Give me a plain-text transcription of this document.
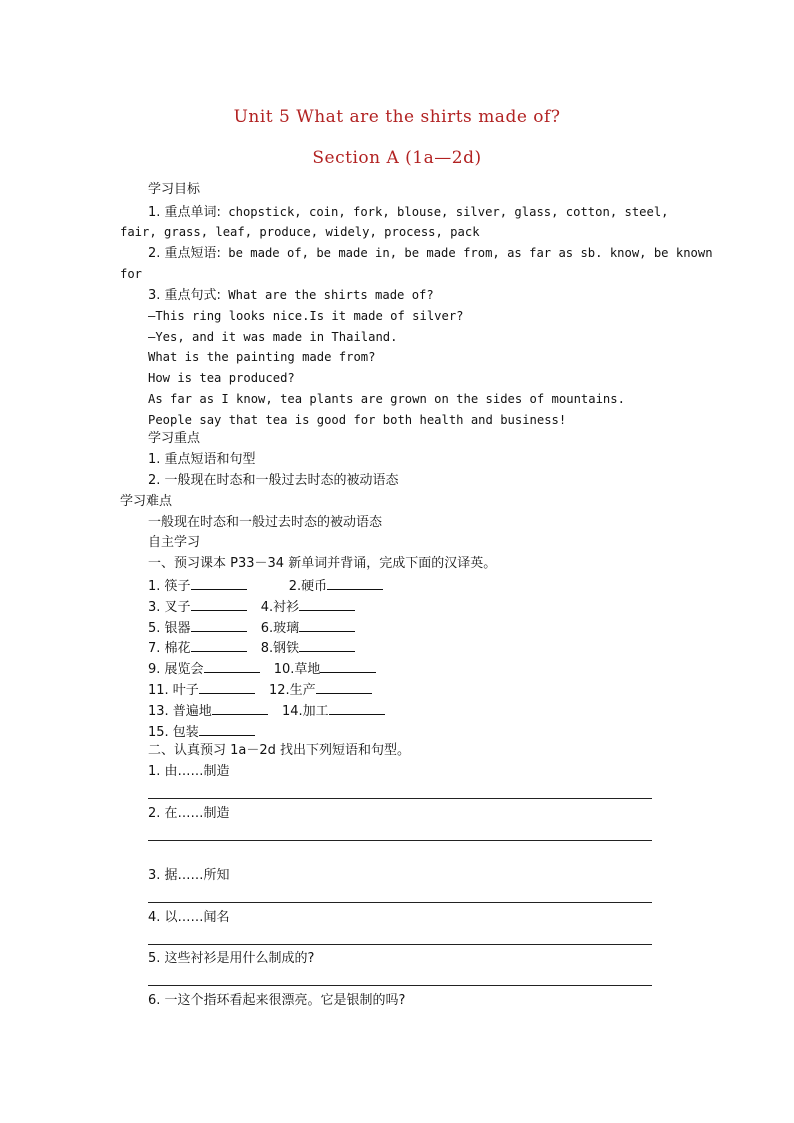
Unit 5 What are the shirts made of?
Section A (1a—2d)
学习目标
1. 重点单词: chopstick, coin, fork, blouse, silver, glass, cotton, steel,
fair, grass, leaf, produce, widely, process, pack
2. 重点短语: be made of, be made in, be made from, as far as sb. know, be known
for
3. 重点句式: What are the shirts made of?
—This ring looks nice.Is it made of silver?
—Yes, and it was made in Thailand.
What is the painting made from?
How is tea produced?
As far as I know, tea plants are grown on the sides of mountains.
People say that tea is good for both health and business!
学习重点
1. 重点短语和句型
2. 一般现在时态和一般过去时态的被动语态
学习难点
一般现在时态和一般过去时态的被动语态
自主学习
一、预习课本 P33－34 新单词并背诵，完成下面的汉译英。
1. 筷子	2.硬币
3. 叉子	4.衬衫
5. 银器	6.玻璃
7. 棉花	8.钢铁
9. 展览会	10.草地
11. 叶子	12.生产
13. 普遍地	14.加工
15. 包装
二、认真预习 1a－2d 找出下列短语和句型。
1. 由……制造
2. 在……制造
3. 据……所知
4. 以……闻名
5. 这些衬衫是用什么制成的?
6. 一这个指环看起来很漂亮。它是银制的吗?
